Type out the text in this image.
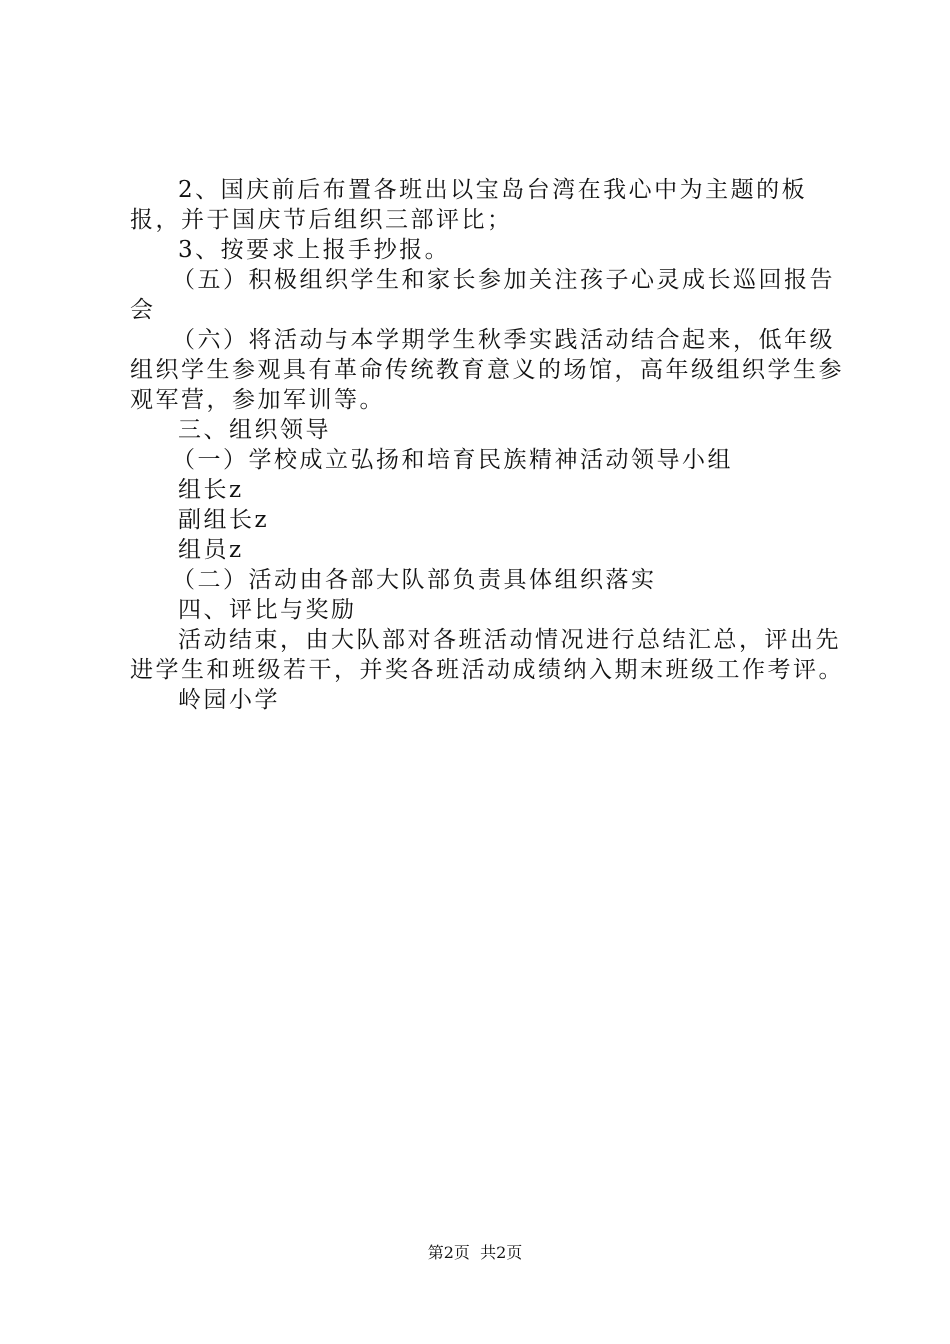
2、国庆前后布置各班出以宝岛台湾在我心中为主题的板报，并于国庆节后组织三部评比；

3、按要求上报手抄报。

（五）积极组织学生和家长参加关注孩子心灵成长巡回报告会

（六）将活动与本学期学生秋季实践活动结合起来，低年级组织学生参观具有革命传统教育意义的场馆，高年级组织学生参观军营，参加军训等。

三、组织领导

（一）学校成立弘扬和培育民族精神活动领导小组

组长z

副组长z

组员z

（二）活动由各部大队部负责具体组织落实

四、评比与奖励

活动结束，由大队部对各班活动情况进行总结汇总，评出先进学生和班级若干，并奖各班活动成绩纳入期末班级工作考评。

岭园小学

第2页  共2页
